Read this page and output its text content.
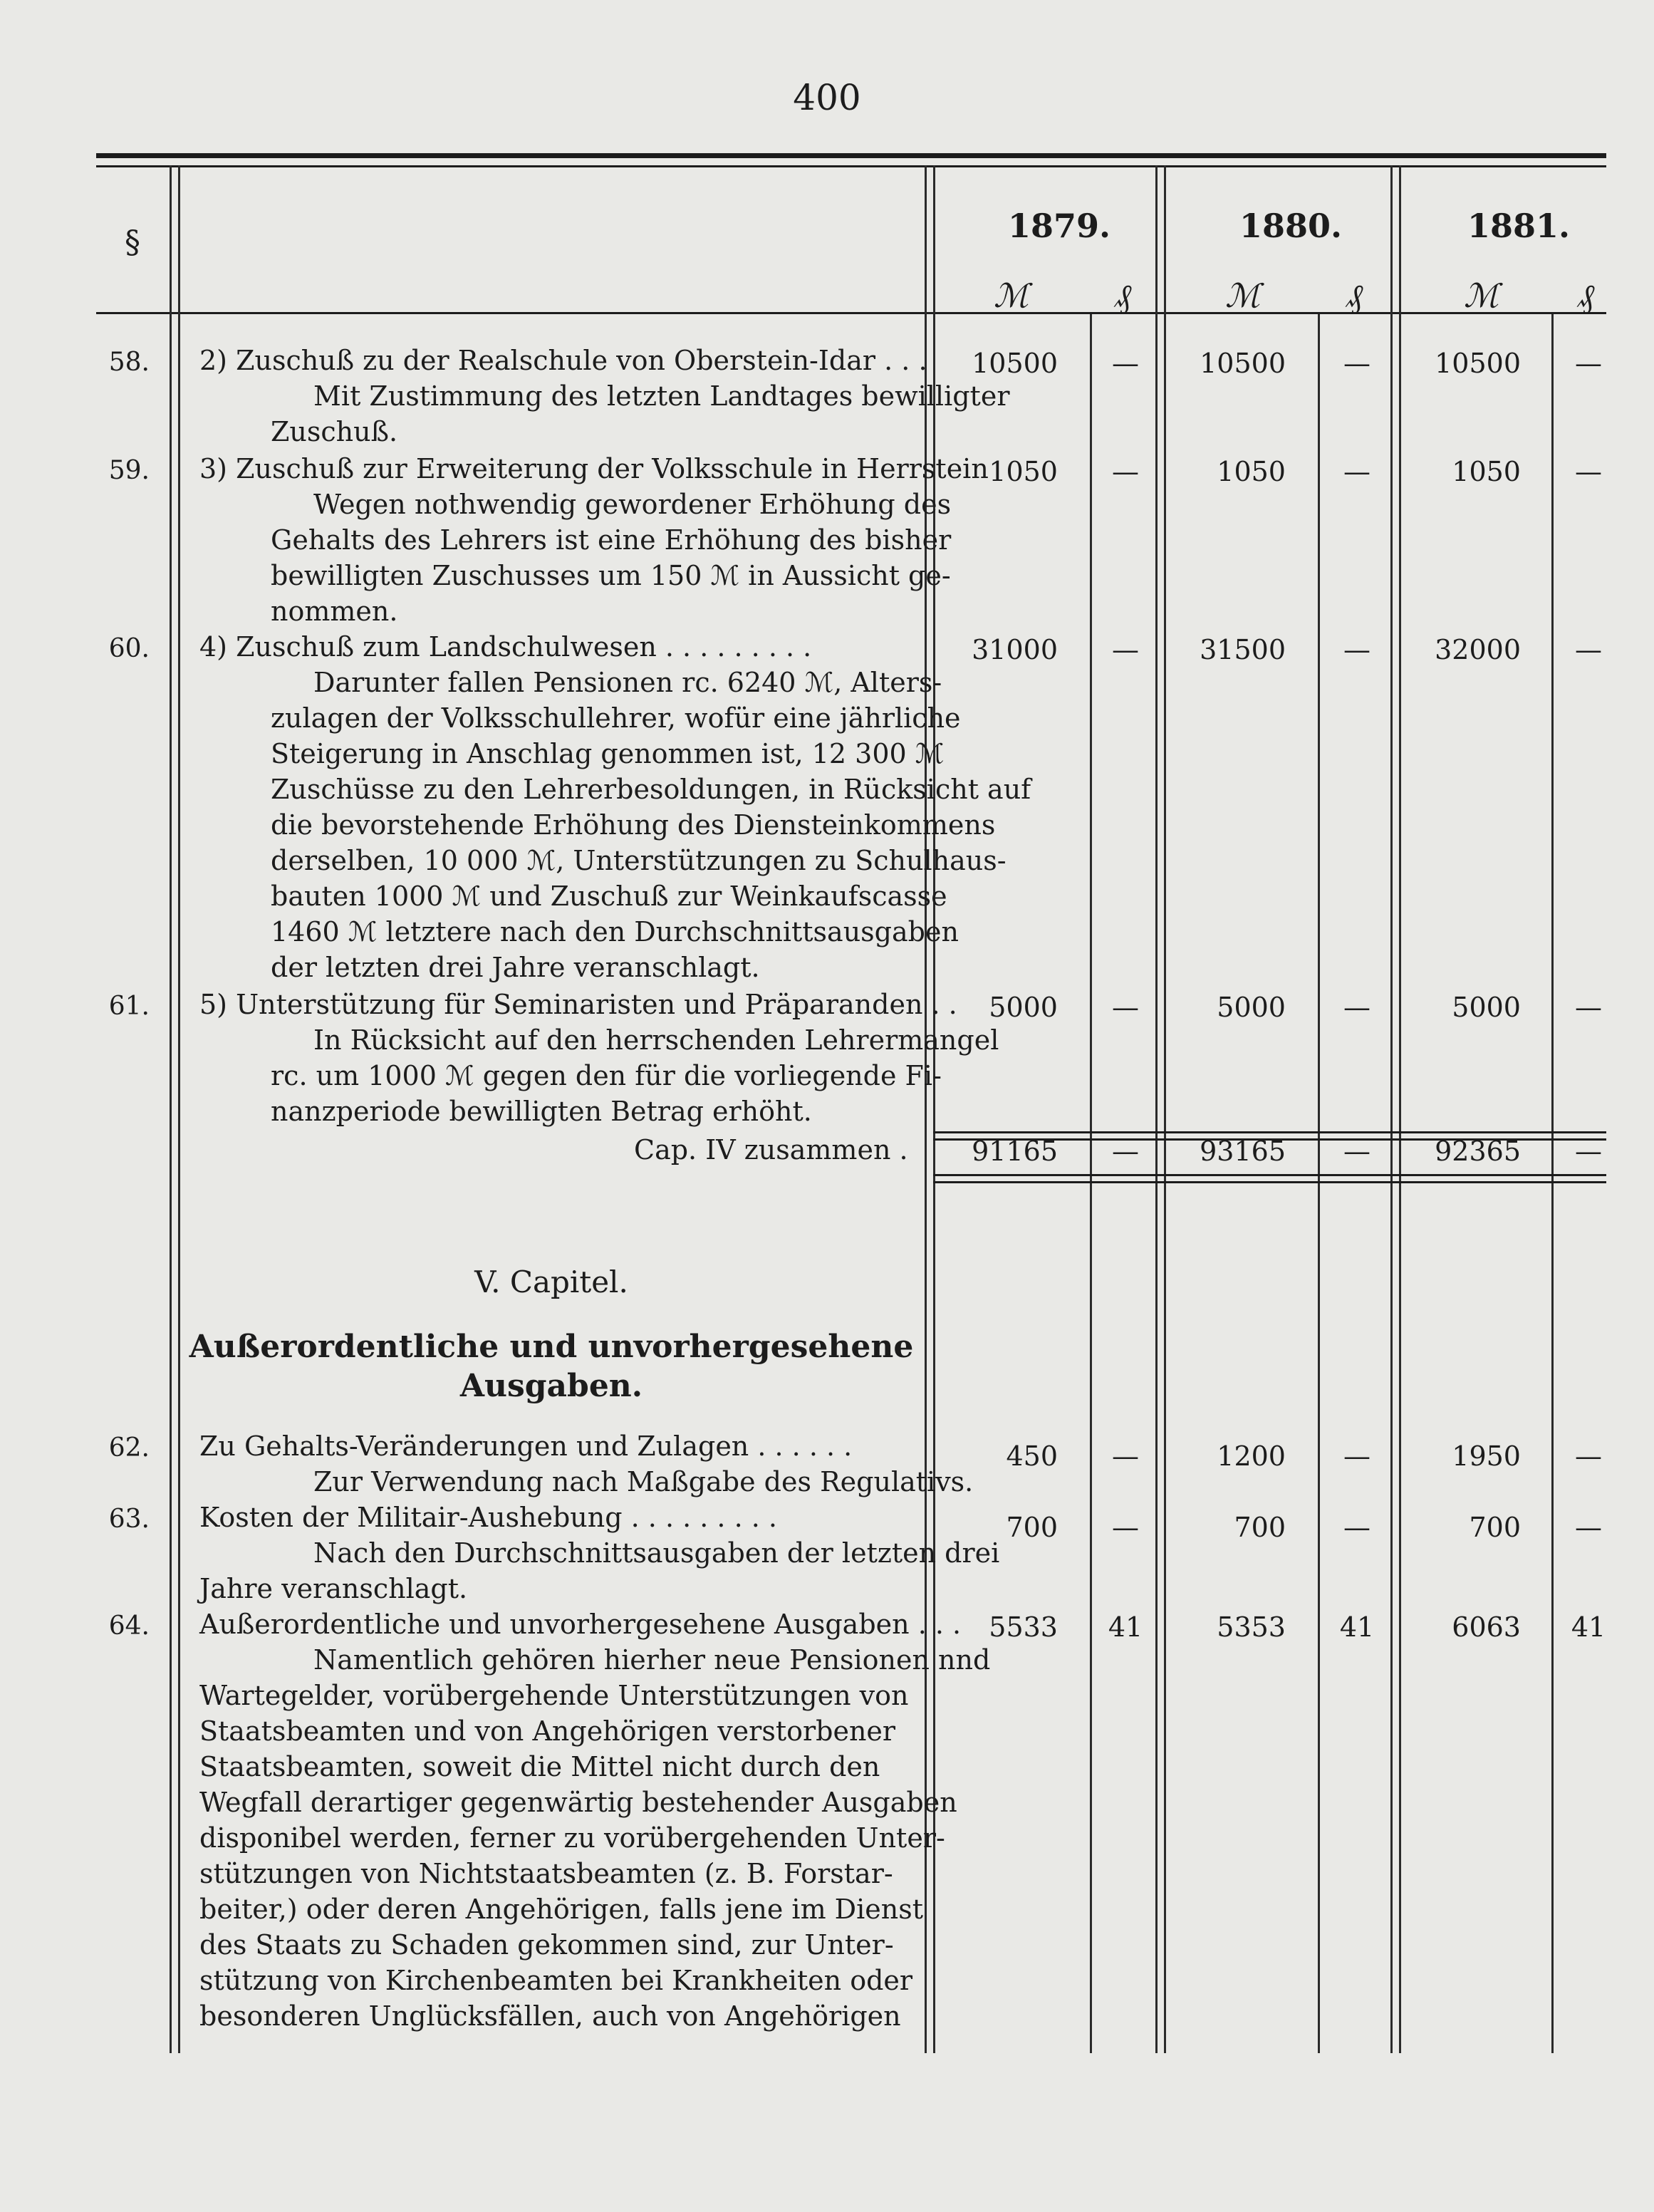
400
§	1879.	1880.	1881.
ℳ	₰	ℳ	₰	ℳ ₰
58. 2) Zuschuß zu der Realschule von Oberstein-Idar . . .
Mit Zustimmung des letzten Landtages bewilligter
Zuschuß.
10500	—	10500	—	10500	—
59. 3) Zuschuß zur Erweiterung der Volksschule in Herrstein
Wegen nothwendig gewordener Erhöhung des
Gehalts des Lehrers ist eine Erhöhung des bisher
bewilligten Zuschusses um 150 ℳ in Aussicht ge-
nommen.
1050	—	1050	—	1050	—
60. 4) Zuschuß zum Landschulwesen . . . . . . . . .
Darunter fallen Pensionen rc. 6240 ℳ, Alters-
zulagen der Volksschullehrer, wofür eine jährliche
Steigerung in Anschlag genommen ist, 12 300 ℳ
Zuschüsse zu den Lehrerbesoldungen, in Rücksicht auf
die bevorstehende Erhöhung des Diensteinkommens
derselben, 10 000 ℳ, Unterstützungen zu Schulhaus-
bauten 1000 ℳ und Zuschuß zur Weinkaufscasse
1460 ℳ letztere nach den Durchschnittsausgaben
der letzten drei Jahre veranschlagt.
31000	—	31500	—	32000	—
61. 5) Unterstützung für Seminaristen und Präparanden . .
In Rücksicht auf den herrschenden Lehrermangel
rc. um 1000 ℳ gegen den für die vorliegende Fi-
nanzperiode bewilligten Betrag erhöht.
5000	—	5000	—	5000	—
Cap. IV zusammen .	91165	—	93165	—	92365	—
V. Capitel.
Außerordentliche und unvorhergesehene
Ausgaben.
62. Zu Gehalts-Veränderungen und Zulagen . . . . . .
Zur Verwendung nach Maßgabe des Regulativs.
450	—	1200	—	1950	—
63. Kosten der Militair-Aushebung . . . . . . . . .
Nach den Durchschnittsausgaben der letzten drei
Jahre veranschlagt.
700	—	700	—	700	—
64. Außerordentliche und unvorhergesehene Ausgaben . . .
Namentlich gehören hierher neue Pensionen nnd
Wartegelder, vorübergehende Unterstützungen von
Staatsbeamten und von Angehörigen verstorbener
Staatsbeamten, soweit die Mittel nicht durch den
Wegfall derartiger gegenwärtig bestehender Ausgaben
disponibel werden, ferner zu vorübergehenden Unter-
stützungen von Nichtstaatsbeamten (z. B. Forstar-
beiter,) oder deren Angehörigen, falls jene im Dienst
des Staats zu Schaden gekommen sind, zur Unter-
stützung von Kirchenbeamten bei Krankheiten oder
besonderen Unglücksfällen, auch von Angehörigen
5533	41	5353	41	6063	41
